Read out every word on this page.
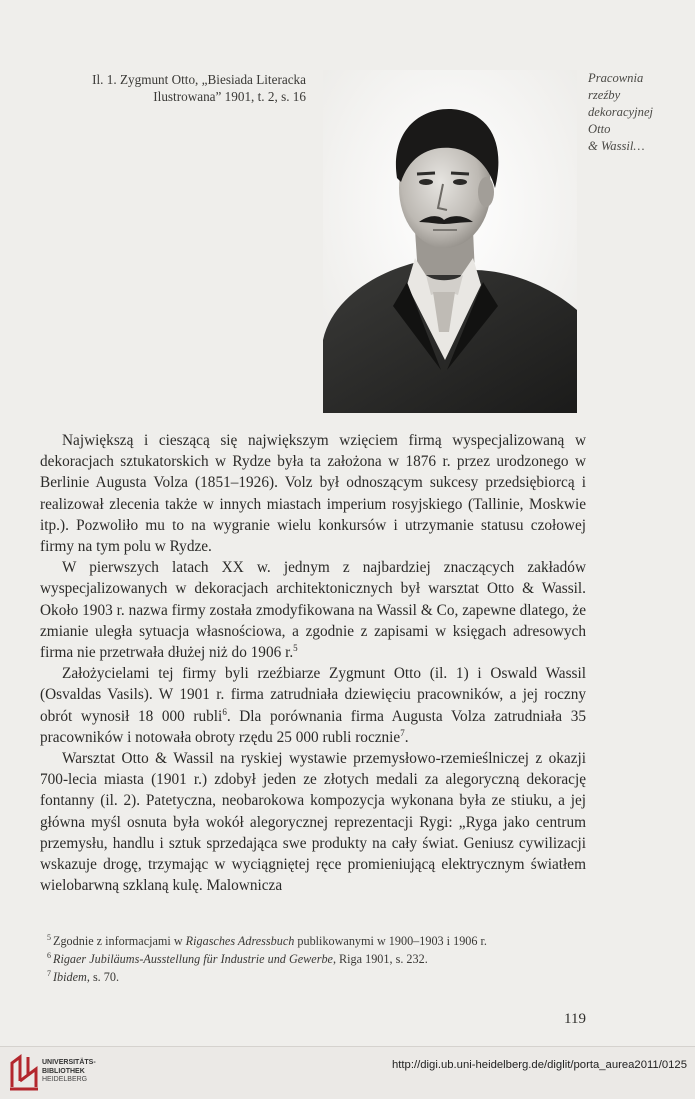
Il. 1. Zygmunt Otto, „Biesiada Literacka
Ilustrowana” 1901, t. 2, s. 16
Pracownia
rzeźby
dekoracyjnej
Otto
& Wassil…

Największą i cieszącą się największym wzięciem firmą wyspecjalizowaną w dekoracjach sztukatorskich w Rydze była ta założona w 1876 r. przez urodzonego w Berlinie Augusta Volza (1851–1926). Volz był odnoszącym sukcesy przedsiębiorcą i realizował zlecenia także w innych miastach imperium rosyjskiego (Tallinie, Moskwie itp.). Pozwoliło mu to na wygranie wielu konkursów i utrzymanie statusu czołowej firmy na tym polu w Rydze.

W pierwszych latach XX w. jednym z najbardziej znaczących zakładów wyspecjalizowanych w dekoracjach architektonicznych był warsztat Otto & Wassil. Około 1903 r. nazwa firmy została zmodyfikowana na Wassil & Co, zapewne dlatego, że zmianie uległa sytuacja własnościowa, a zgodnie z zapisami w księgach adresowych firma nie przetrwała dłużej niż do 1906 r.$^5$

Założycielami tej firmy byli rzeźbiarze Zygmunt Otto (il. 1) i Oswald Wassil (Osvaldas Vasils). W 1901 r. firma zatrudniała dziewięciu pracowników, a jej roczny obrót wynosił 18 000 rubli$^6$. Dla porównania firma Augusta Volza zatrudniała 35 pracowników i notowała obroty rzędu 25 000 rubli rocznie$^7$.

Warsztat Otto & Wassil na ryskiej wystawie przemysłowo-rzemieślniczej z okazji 700-lecia miasta (1901 r.) zdobył jeden ze złotych medali za alegoryczną dekorację fontanny (il. 2). Patetyczna, neobarokowa kompozycja wykonana była ze stiuku, a jej główna myśl osnuta była wokół alegorycznej reprezentacji Rygi: „Ryga jako centrum przemysłu, handlu i sztuk sprzedająca swe produkty na cały świat. Geniusz cywilizacji wskazuje drogę, trzymając w wyciągniętej ręce promieniującą elektrycznym światłem wielobarwną szklaną kulę. Malownicza

$^5$ Zgodnie z informacjami w Rigasches Adressbuch publikowanymi w 1900–1903 i 1906 r.
$^6$ Rigaer Jubiläums-Ausstellung für Industrie und Gewerbe, Riga 1901, s. 232.
$^7$ Ibidem, s. 70.
119
UNIVERSITÄTS-
BIBLIOTHEK
HEIDELBERG
http://digi.ub.uni-heidelberg.de/diglit/porta_aurea2011/0125
